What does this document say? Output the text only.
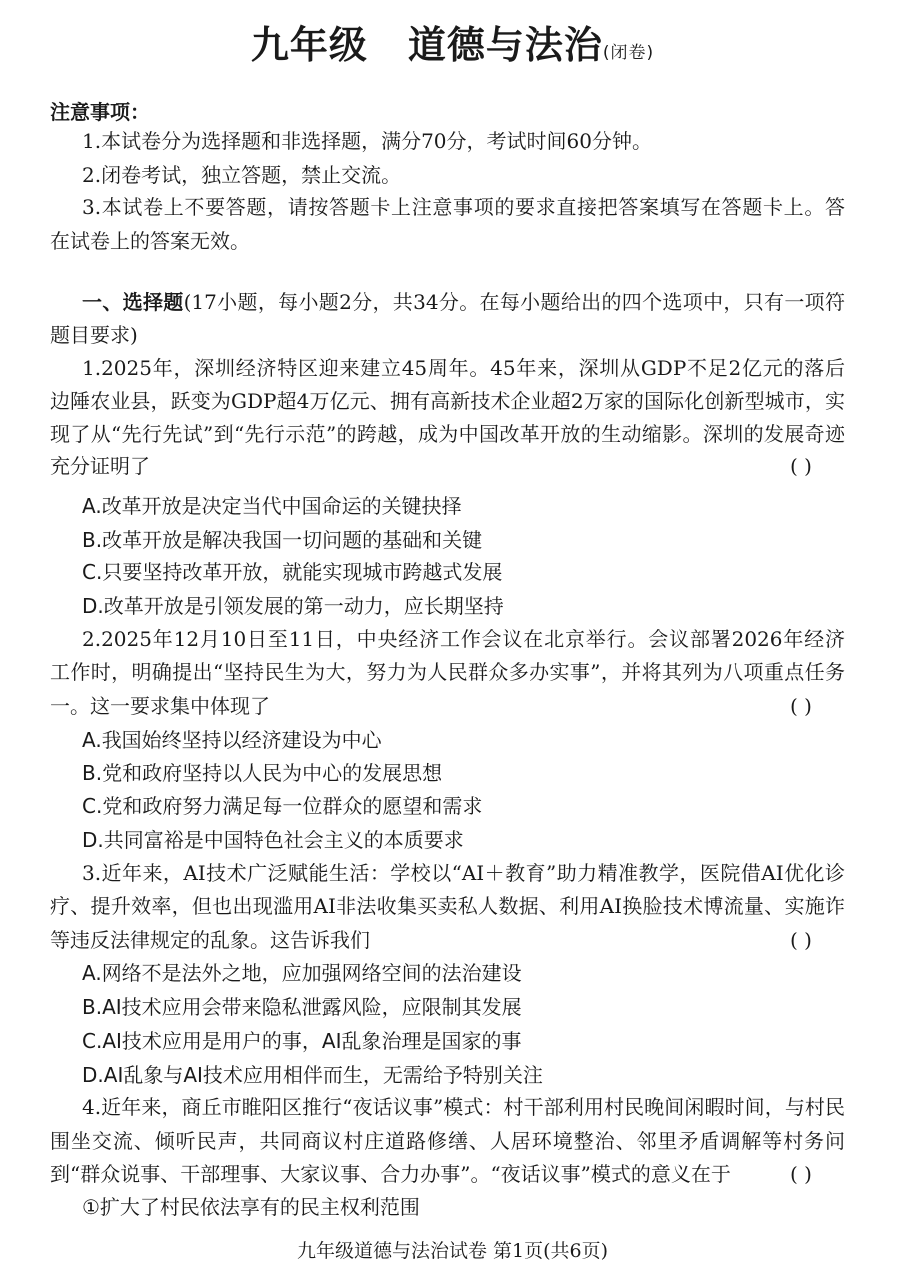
九年级 道德与法治(闭卷)
注意事项：
1.本试卷分为选择题和非选择题，满分70分，考试时间60分钟。
2.闭卷考试，独立答题，禁止交流。
3.本试卷上不要答题，请按答题卡上注意事项的要求直接把答案填写在答题卡上。答
在试卷上的答案无效。
一、选择题(17小题，每小题2分，共34分。在每小题给出的四个选项中，只有一项符
题目要求)
1.2025年，深圳经济特区迎来建立45周年。45年来，深圳从GDP不足2亿元的落后
边陲农业县，跃变为GDP超4万亿元、拥有高新技术企业超2万家的国际化创新型城市，实
现了从“先行先试”到“先行示范”的跨越，成为中国改革开放的生动缩影。深圳的发展奇迹
充分证明了	( )
A.改革开放是决定当代中国命运的关键抉择
B.改革开放是解决我国一切问题的基础和关键
C.只要坚持改革开放，就能实现城市跨越式发展
D.改革开放是引领发展的第一动力，应长期坚持
2.2025年12月10日至11日，中央经济工作会议在北京举行。会议部署2026年经济
工作时，明确提出“坚持民生为大，努力为人民群众多办实事”，并将其列为八项重点任务
一。这一要求集中体现了	( )
A.我国始终坚持以经济建设为中心
B.党和政府坚持以人民为中心的发展思想
C.党和政府努力满足每一位群众的愿望和需求
D.共同富裕是中国特色社会主义的本质要求
3.近年来，AI技术广泛赋能生活：学校以“AI＋教育”助力精准教学，医院借AI优化诊
疗、提升效率，但也出现滥用AI非法收集买卖私人数据、利用AI换脸技术博流量、实施诈
等违反法律规定的乱象。这告诉我们	( )
A.网络不是法外之地，应加强网络空间的法治建设
B.AI技术应用会带来隐私泄露风险，应限制其发展
C.AI技术应用是用户的事，AI乱象治理是国家的事
D.AI乱象与AI技术应用相伴而生，无需给予特别关注
4.近年来，商丘市睢阳区推行“夜话议事”模式：村干部利用村民晚间闲暇时间，与村民
围坐交流、倾听民声，共同商议村庄道路修缮、人居环境整治、邻里矛盾调解等村务问
到“群众说事、干部理事、大家议事、合力办事”。“夜话议事”模式的意义在于	( )
①扩大了村民依法享有的民主权利范围
九年级道德与法治试卷 第1页(共6页)
